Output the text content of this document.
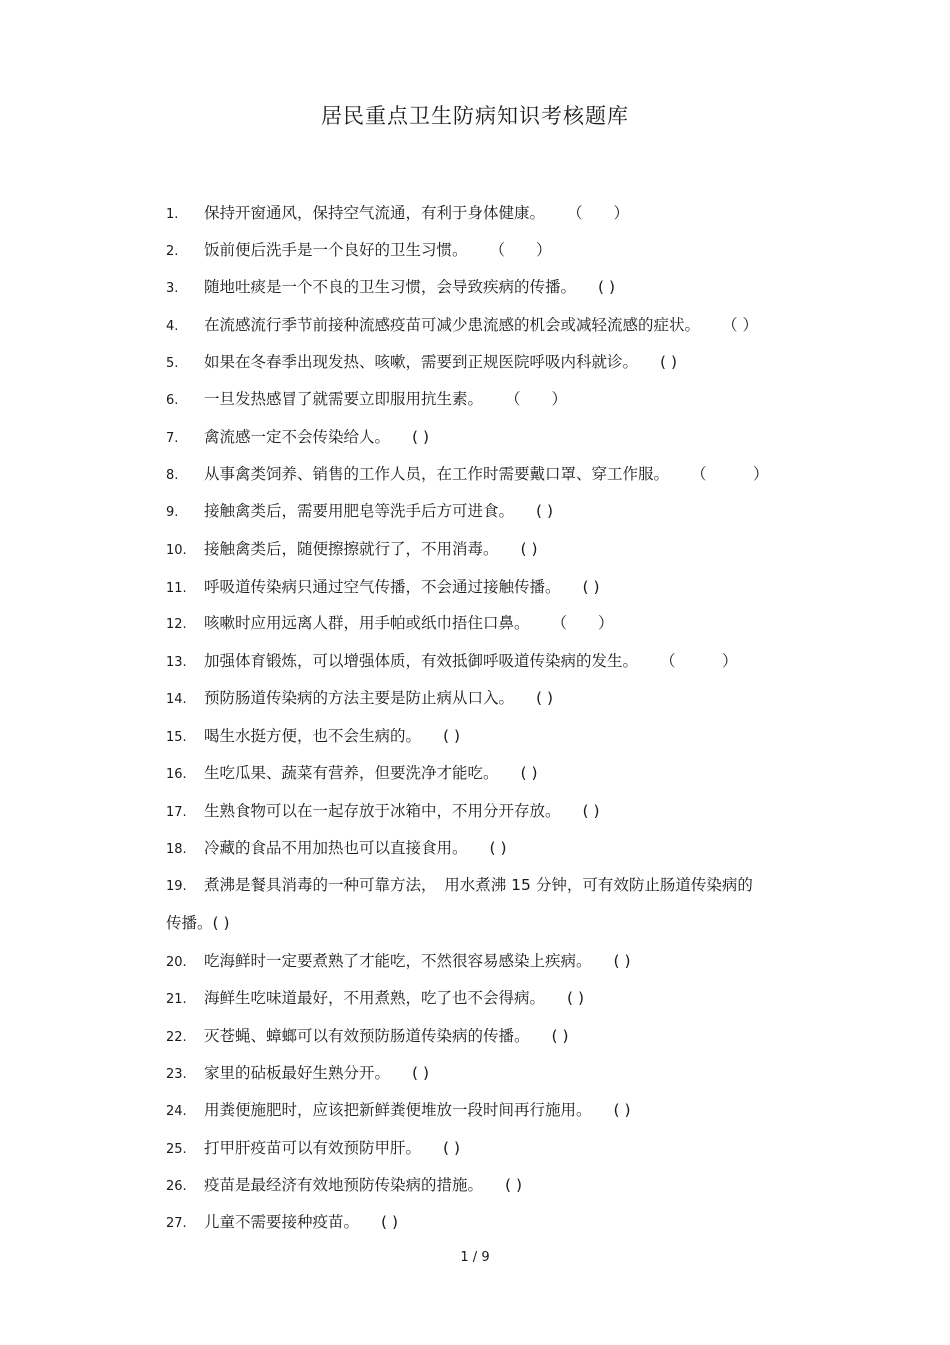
居民重点卫生防病知识考核题库
1. 保持开窗通风，保持空气流通，有利于身体健康。 （　　）
2. 饭前便后洗手是一个良好的卫生习惯。 （　　）
3. 随地吐痰是一个不良的卫生习惯，会导致疾病的传播。 ( )
4. 在流感流行季节前接种流感疫苗可减少患流感的机会或减轻流感的症状。 （ ）
5. 如果在冬春季出现发热、咳嗽，需要到正规医院呼吸内科就诊。 ( )
6. 一旦发热感冒了就需要立即服用抗生素。 （　　）
7. 禽流感一定不会传染给人。 ( )
8. 从事禽类饲养、销售的工作人员，在工作时需要戴口罩、穿工作服。 （　　　）
9. 接触禽类后，需要用肥皂等洗手后方可进食。 ( )
10. 接触禽类后，随便擦擦就行了，不用消毒。 ( )
11. 呼吸道传染病只通过空气传播，不会通过接触传播。 ( )
12. 咳嗽时应用远离人群，用手帕或纸巾捂住口鼻。 （　　）
13. 加强体育锻炼，可以增强体质，有效抵御呼吸道传染病的发生。 （　　　）
14. 预防肠道传染病的方法主要是防止病从口入。 ( )
15. 喝生水挺方便，也不会生病的。 ( )
16. 生吃瓜果、蔬菜有营养，但要洗净才能吃。 ( )
17. 生熟食物可以在一起存放于冰箱中，不用分开存放。 ( )
18. 冷藏的食品不用加热也可以直接食用。 ( )
19. 煮沸是餐具消毒的一种可靠方法，　用水煮沸 15 分钟，可有效防止肠道传染病的
传播。( )
20. 吃海鲜时一定要煮熟了才能吃，不然很容易感染上疾病。 ( )
21. 海鲜生吃味道最好，不用煮熟，吃了也不会得病。 ( )
22. 灭苍蝇、蟑螂可以有效预防肠道传染病的传播。 ( )
23. 家里的砧板最好生熟分开。 ( )
24. 用粪便施肥时，应该把新鲜粪便堆放一段时间再行施用。 ( )
25. 打甲肝疫苗可以有效预防甲肝。 ( )
26. 疫苗是最经济有效地预防传染病的措施。 ( )
27. 儿童不需要接种疫苗。 ( )
1 / 9
